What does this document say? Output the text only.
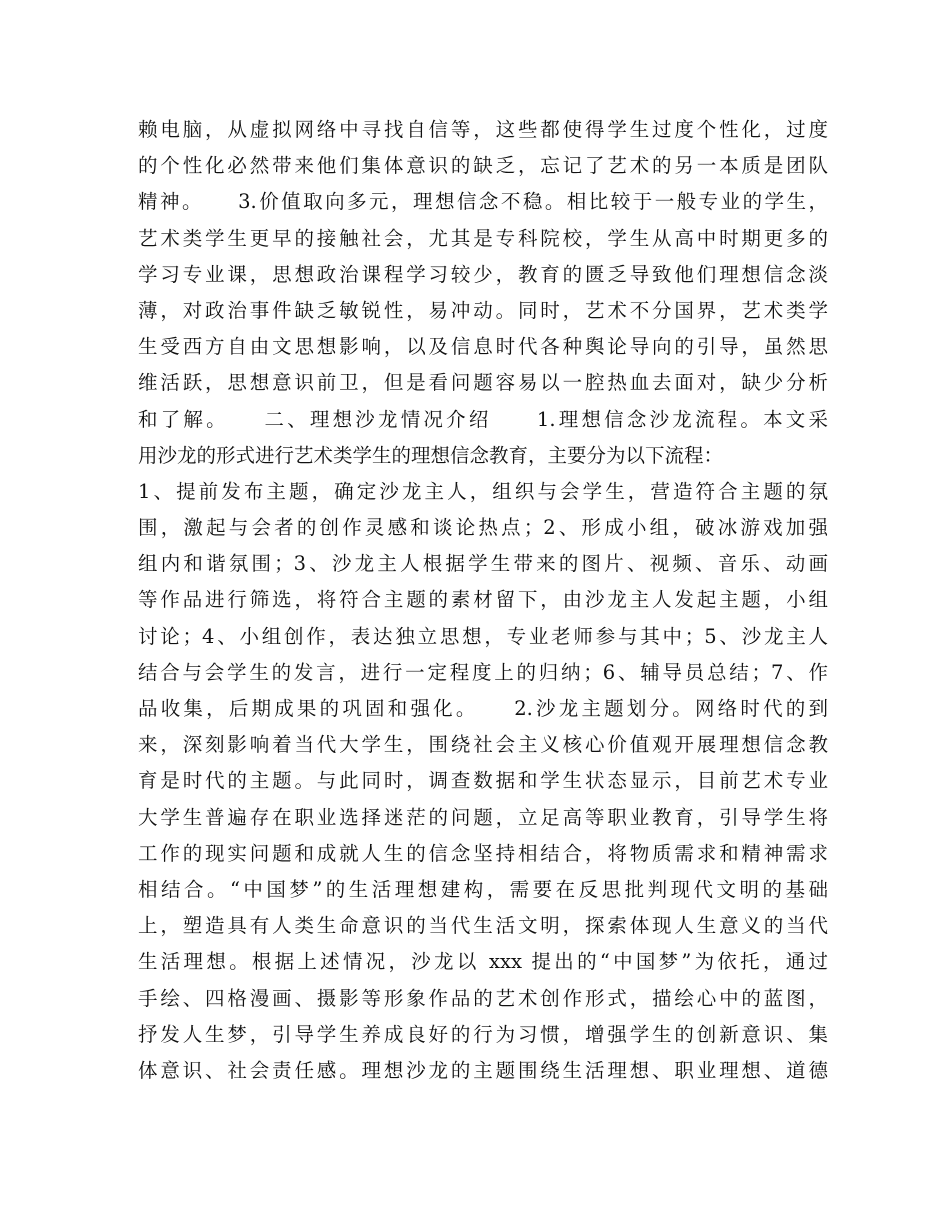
赖电脑，从虚拟网络中寻找自信等，这些都使得学生过度个性化，过度
的个性化必然带来他们集体意识的缺乏，忘记了艺术的另一本质是团队
精神。　　3.价值取向多元，理想信念不稳。相比较于一般专业的学生，
艺术类学生更早的接触社会，尤其是专科院校，学生从高中时期更多的
学习专业课，思想政治课程学习较少，教育的匮乏导致他们理想信念淡
薄，对政治事件缺乏敏锐性，易冲动。同时，艺术不分国界，艺术类学
生受西方自由文思想影响，以及信息时代各种舆论导向的引导，虽然思
维活跃，思想意识前卫，但是看问题容易以一腔热血去面对，缺少分析
和了解。　　二、理想沙龙情况介绍　　1.理想信念沙龙流程。本文采
用沙龙的形式进行艺术类学生的理想信念教育，主要分为以下流程：
1、提前发布主题，确定沙龙主人，组织与会学生，营造符合主题的氛
围，激起与会者的创作灵感和谈论热点；2、形成小组，破冰游戏加强
组内和谐氛围；3、沙龙主人根据学生带来的图片、视频、音乐、动画
等作品进行筛选，将符合主题的素材留下，由沙龙主人发起主题，小组
讨论；4、小组创作，表达独立思想，专业老师参与其中；5、沙龙主人
结合与会学生的发言，进行一定程度上的归纳；6、辅导员总结；7、作
品收集，后期成果的巩固和强化。　　2.沙龙主题划分。网络时代的到
来，深刻影响着当代大学生，围绕社会主义核心价值观开展理想信念教
育是时代的主题。与此同时，调查数据和学生状态显示，目前艺术专业
大学生普遍存在职业选择迷茫的问题，立足高等职业教育，引导学生将
工作的现实问题和成就人生的信念坚持相结合，将物质需求和精神需求
相结合。“中国梦”的生活理想建构，需要在反思批判现代文明的基础
上，塑造具有人类生命意识的当代生活文明，探索体现人生意义的当代
生活理想。根据上述情况，沙龙以 xxx 提出的“中国梦”为依托，通过
手绘、四格漫画、摄影等形象作品的艺术创作形式，描绘心中的蓝图，
抒发人生梦，引导学生养成良好的行为习惯，增强学生的创新意识、集
体意识、社会责任感。理想沙龙的主题围绕生活理想、职业理想、道德
